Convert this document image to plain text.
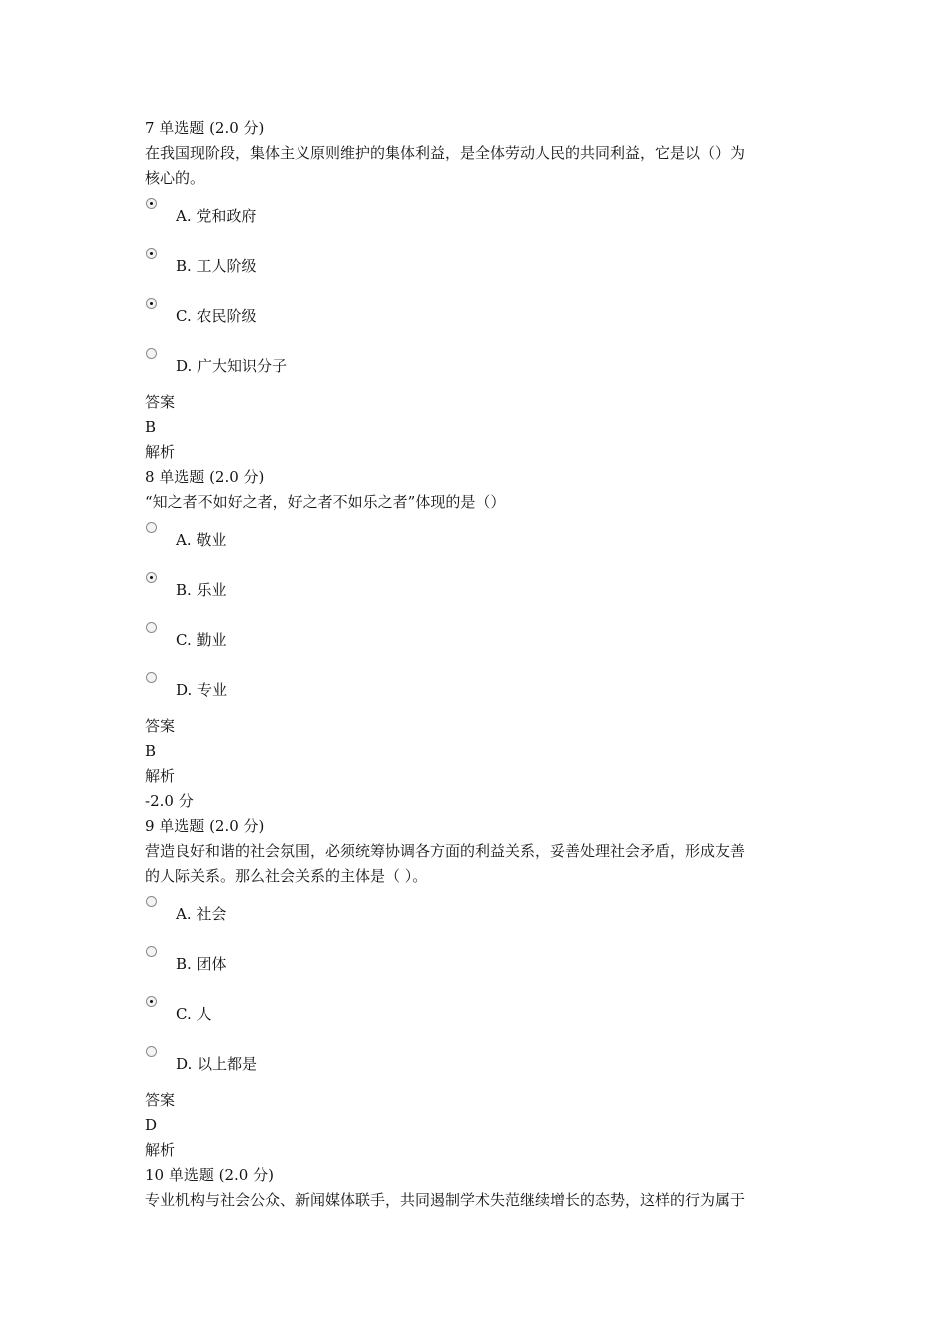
7 单选题 (2.0 分)
在我国现阶段，集体主义原则维护的集体利益，是全体劳动人民的共同利益，它是以（）为
核心的。
A. 党和政府
B. 工人阶级
C. 农民阶级
D. 广大知识分子
答案
B
解析
8 单选题 (2.0 分)
“知之者不如好之者，好之者不如乐之者”体现的是（）
A. 敬业
B. 乐业
C. 勤业
D. 专业
答案
B
解析
-2.0 分
9 单选题 (2.0 分)
营造良好和谐的社会氛围，必须统筹协调各方面的利益关系，妥善处理社会矛盾，形成友善
的人际关系。那么社会关系的主体是（ ）。
A. 社会
B. 团体
C. 人
D. 以上都是
答案
D
解析
10 单选题 (2.0 分)
专业机构与社会公众、新闻媒体联手，共同遏制学术失范继续增长的态势，这样的行为属于
